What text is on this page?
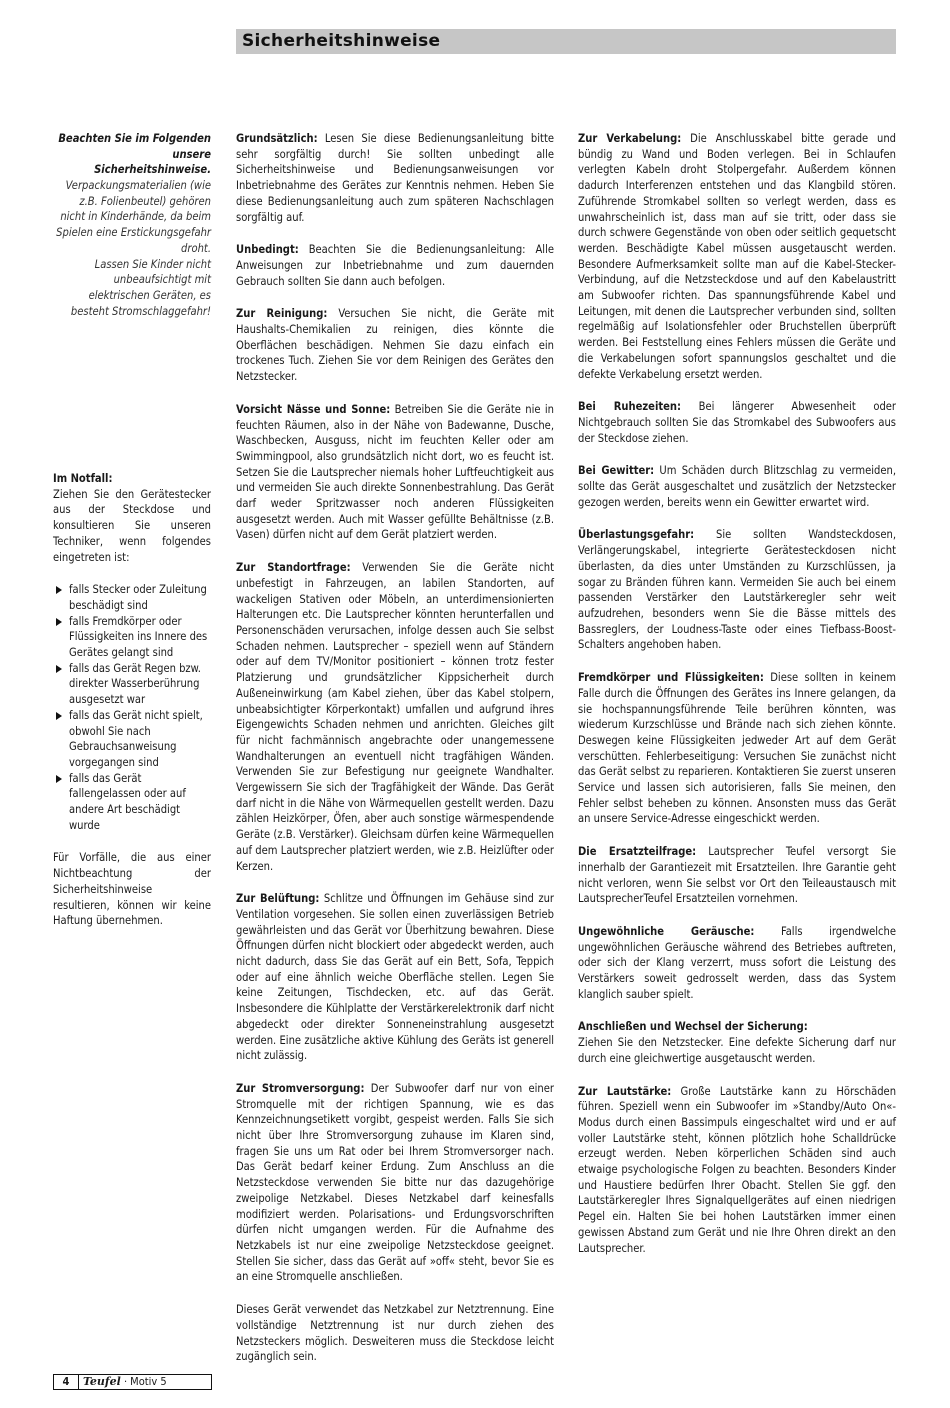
Sicherheitshinweise
Beachten Sie im Folgenden unsere Sicherheitshinweise.

Verpackungsmaterialien (wie z.B. Folienbeutel) gehören nicht in Kinderhände, da beim Spielen eine Erstickungsgefahr droht.

Lassen Sie Kinder nicht unbeaufsichtigt mit elektrischen Geräten, es besteht Stromschlaggefahr!

Im Notfall:

Ziehen Sie den Gerätestecker aus der Steckdose und konsultieren Sie unseren Techniker, wenn folgendes eingetreten ist:

falls Stecker oder Zuleitung beschädigt sind
falls Fremdkörper oder Flüssigkeiten ins Innere des Gerätes gelangt sind
falls das Gerät Regen bzw. direkter Wasserberührung ausgesetzt war
falls das Gerät nicht spielt, obwohl Sie nach Gebrauchsanweisung vorgegangen sind
falls das Gerät fallengelassen oder auf andere Art beschädigt wurde

Für Vorfälle, die aus einer Nichtbeachtung der Sicherheitshinweise resultieren, können wir keine Haftung übernehmen.

Grundsätzlich: Lesen Sie diese Bedienungsanleitung bitte sehr sorgfältig durch! Sie sollten unbedingt alle Sicherheitshinweise und Bedienungsanweisungen vor Inbetriebnahme des Gerätes zur Kenntnis nehmen. Heben Sie diese Bedienungsanleitung auch zum späteren Nachschlagen sorgfältig auf.

Unbedingt: Beachten Sie die Bedienungsanleitung: Alle Anweisungen zur Inbetriebnahme und zum dauernden Gebrauch sollten Sie dann auch befolgen.

Zur Reinigung: Versuchen Sie nicht, die Geräte mit Haushalts-Chemikalien zu reinigen, dies könnte die Oberflächen beschädigen. Nehmen Sie dazu einfach ein trockenes Tuch. Ziehen Sie vor dem Reinigen des Gerätes den Netzstecker.

Vorsicht Nässe und Sonne: Betreiben Sie die Geräte nie in feuchten Räumen, also in der Nähe von Badewanne, Dusche, Waschbecken, Ausguss, nicht im feuchten Keller oder am Swimmingpool, also grundsätzlich nicht dort, wo es feucht ist. Setzen Sie die Lautsprecher niemals hoher Luftfeuchtigkeit aus und vermeiden Sie auch direkte Sonnenbestrahlung. Das Gerät darf weder Spritzwasser noch anderen Flüssigkeiten ausgesetzt werden. Auch mit Wasser gefüllte Behältnisse (z.B. Vasen) dürfen nicht auf dem Gerät platziert werden.

Zur Standortfrage: Verwenden Sie die Geräte nicht unbefestigt in Fahrzeugen, an labilen Standorten, auf wackeligen Stativen oder Möbeln, an unterdimensionierten Halterungen etc. Die Lautsprecher könnten herunterfallen und Personenschäden verursachen, infolge dessen auch Sie selbst Schaden nehmen. Lautsprecher – speziell wenn auf Ständern oder auf dem TV/Monitor positioniert – können trotz fester Platzierung und grundsätzlicher Kippsicherheit durch Außeneinwirkung (am Kabel ziehen, über das Kabel stolpern, unbeabsichtigter Körperkontakt) umfallen und aufgrund ihres Eigengewichts Schaden nehmen und anrichten. Gleiches gilt für nicht fachmännisch angebrachte oder unangemessene Wandhalterungen an eventuell nicht tragfähigen Wänden. Verwenden Sie zur Befestigung nur geeignete Wandhalter. Vergewissern Sie sich der Tragfähigkeit der Wände. Das Gerät darf nicht in die Nähe von Wärmequellen gestellt werden. Dazu zählen Heizkörper, Öfen, aber auch sonstige wärmespendende Geräte (z.B. Verstärker). Gleichsam dürfen keine Wärmequellen auf dem Lautsprecher platziert werden, wie z.B. Heizlüfter oder Kerzen.

Zur Belüftung: Schlitze und Öffnungen im Gehäuse sind zur Ventilation vorgesehen. Sie sollen einen zuverlässigen Betrieb gewährleisten und das Gerät vor Überhitzung bewahren. Diese Öffnungen dürfen nicht blockiert oder abgedeckt werden, auch nicht dadurch, dass Sie das Gerät auf ein Bett, Sofa, Teppich oder auf eine ähnlich weiche Oberfläche stellen. Legen Sie keine Zeitungen, Tischdecken, etc. auf das Gerät. Insbesondere die Kühlplatte der Verstärkerelektronik darf nicht abgedeckt oder direkter Sonneneinstrahlung ausgesetzt werden. Eine zusätzliche aktive Kühlung des Geräts ist generell nicht zulässig.

Zur Stromversorgung: Der Subwoofer darf nur von einer Stromquelle mit der richtigen Spannung, wie es das Kennzeichnungsetikett vorgibt, gespeist werden. Falls Sie sich nicht über Ihre Stromversorgung zuhause im Klaren sind, fragen Sie uns um Rat oder bei Ihrem Stromversorger nach. Das Gerät bedarf keiner Erdung. Zum Anschluss an die Netzsteckdose verwenden Sie bitte nur das dazugehörige zweipolige Netzkabel. Dieses Netzkabel darf keinesfalls modifiziert werden. Polarisations- und Erdungsvorschriften dürfen nicht umgangen werden. Für die Aufnahme des Netzkabels ist nur eine zweipolige Netzsteckdose geeignet. Stellen Sie sicher, dass das Gerät auf »off« steht, bevor Sie es an eine Stromquelle anschließen.

Dieses Gerät verwendet das Netzkabel zur Netztrennung. Eine vollständige Netztrennung ist nur durch ziehen des Netzsteckers möglich. Desweiteren muss die Steckdose leicht zugänglich sein.

Zur Verkabelung: Die Anschlusskabel bitte gerade und bündig zu Wand und Boden verlegen. Bei in Schlaufen verlegten Kabeln droht Stolpergefahr. Außerdem können dadurch Interferenzen entstehen und das Klangbild stören. Zuführende Stromkabel sollten so verlegt werden, dass es unwahrscheinlich ist, dass man auf sie tritt, oder dass sie durch schwere Gegenstände von oben oder seitlich gequetscht werden. Beschädigte Kabel müssen ausgetauscht werden. Besondere Aufmerksamkeit sollte man auf die Kabel-Stecker-Verbindung, auf die Netzsteckdose und auf den Kabelaustritt am Subwoofer richten. Das spannungsführende Kabel und Leitungen, mit denen die Lautsprecher verbunden sind, sollten regelmäßig auf Isolationsfehler oder Bruchstellen überprüft werden. Bei Feststellung eines Fehlers müssen die Geräte und die Verkabelungen sofort spannungslos geschaltet und die defekte Verkabelung ersetzt werden.

Bei Ruhezeiten: Bei längerer Abwesenheit oder Nichtgebrauch sollten Sie das Stromkabel des Subwoofers aus der Steckdose ziehen.

Bei Gewitter: Um Schäden durch Blitzschlag zu vermeiden, sollte das Gerät ausgeschaltet und zusätzlich der Netzstecker gezogen werden, bereits wenn ein Gewitter erwartet wird.

Überlastungsgefahr: Sie sollten Wandsteckdosen, Verlängerungskabel, integrierte Gerätesteckdosen nicht überlasten, da dies unter Umständen zu Kurzschlüssen, ja sogar zu Bränden führen kann. Vermeiden Sie auch bei einem passenden Verstärker den Lautstärkeregler sehr weit aufzudrehen, besonders wenn Sie die Bässe mittels des Bassreglers, der Loudness-Taste oder eines Tiefbass-Boost-Schalters angehoben haben.

Fremdkörper und Flüssigkeiten: Diese sollten in keinem Falle durch die Öffnungen des Gerätes ins Innere gelangen, da sie hochspannungsführende Teile berühren könnten, was wiederum Kurzschlüsse und Brände nach sich ziehen könnte. Deswegen keine Flüssigkeiten jedweder Art auf dem Gerät verschütten. Fehlerbeseitigung: Versuchen Sie zunächst nicht das Gerät selbst zu reparieren. Kontaktieren Sie zuerst unseren Service und lassen sich autorisieren, falls Sie meinen, den Fehler selbst beheben zu können. Ansonsten muss das Gerät an unsere Service-Adresse eingeschickt werden.

Die Ersatzteilfrage: Lautsprecher Teufel versorgt Sie innerhalb der Garantiezeit mit Ersatzteilen. Ihre Garantie geht nicht verloren, wenn Sie selbst vor Ort den Teileaustausch mit LautsprecherTeufel Ersatzteilen vornehmen.

Ungewöhnliche Geräusche: Falls irgendwelche ungewöhnlichen Geräusche während des Betriebes auftreten, oder sich der Klang verzerrt, muss sofort die Leistung des Verstärkers soweit gedrosselt werden, dass das System klanglich sauber spielt.

Anschließen und Wechsel der Sicherung:
Ziehen Sie den Netzstecker. Eine defekte Sicherung darf nur durch eine gleichwertige ausgetauscht werden.

Zur Lautstärke: Große Lautstärke kann zu Hörschäden führen. Speziell wenn ein Subwoofer im »Standby/Auto On«-Modus durch einen Bassimpuls eingeschaltet wird und er auf voller Lautstärke steht, können plötzlich hohe Schalldrücke erzeugt werden. Neben körperlichen Schäden sind auch etwaige psychologische Folgen zu beachten. Besonders Kinder und Haustiere bedürfen Ihrer Obacht. Stellen Sie ggf. den Lautstärkeregler Ihres Signalquellgerätes auf einen niedrigen Pegel ein. Halten Sie bei hohen Lautstärken immer einen gewissen Abstand zum Gerät und nie Ihre Ohren direkt an den Lautsprecher.

4 Teufel · Motiv 5
